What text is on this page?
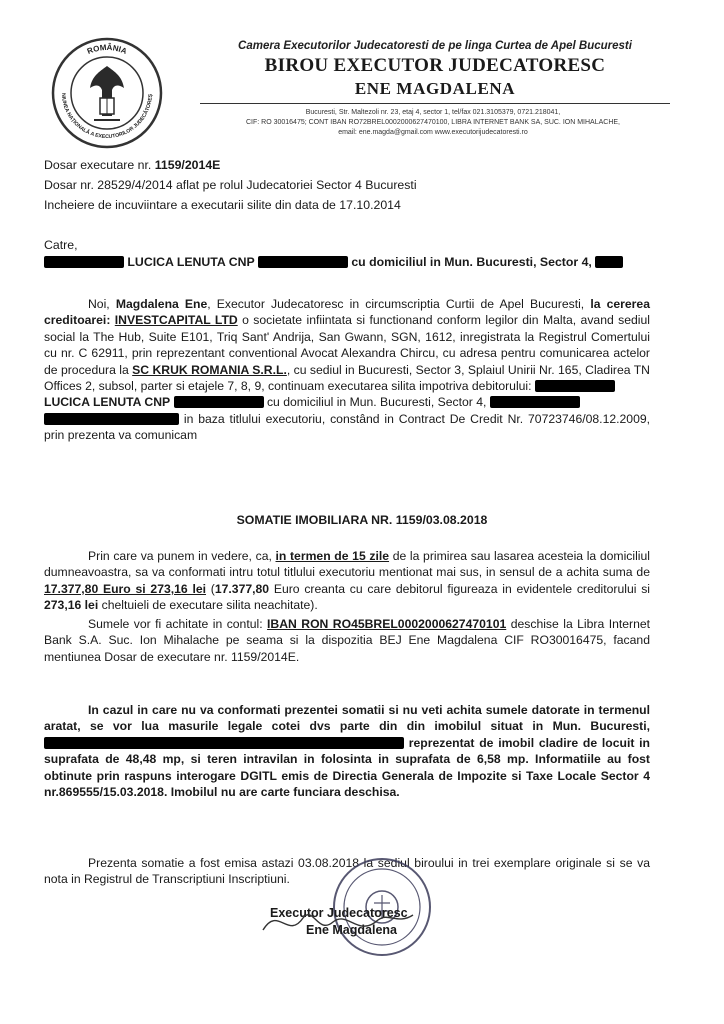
ROMÂNIA
NIUNEA NAȚIONALĂ A EXECUTORILOR JUDECĂTOREȘ
Camera Executorilor Judecatoresti de pe linga Curtea de Apel Bucuresti
BIROU EXECUTOR JUDECATORESC
ENE MAGDALENA
Bucuresti, Str. Maltezoli nr. 23, etaj 4, sector 1, tel/fax 021.3105379, 0721.218041,
CIF: RO 30016475; CONT IBAN RO72BREL0002000627470100, LIBRA INTERNET BANK SA, SUC. ION MIHALACHE,
email: ene.magda@gmail.com www.executorijudecatoresti.ro
Dosar executare nr. 1159/2014E
Dosar nr. 28529/4/2014 aflat pe rolul Judecatoriei Sector 4 Bucuresti
Incheiere de incuviintare a executarii silite din data de 17.10.2014
Catre,
LUCICA LENUTA CNP	cu domiciliul in Mun. Bucuresti, Sector 4,
Noi, Magdalena Ene, Executor Judecatoresc in circumscriptia Curtii de Apel Bucuresti, la cererea creditoarei: INVESTCAPITAL LTD o societate infiintata si functionand conform legilor din Malta, avand sediul social la The Hub, Suite E101, Triq Sant' Andrija, San Gwann, SGN, 1612, inregistrata la Registrul Comertului cu nr. C 62911, prin reprezentant conventional Avocat Alexandra Chircu, cu adresa pentru comunicarea actelor de procedura la SC KRUK ROMANIA S.R.L., cu sediul in Bucuresti, Sector 3, Splaiul Unirii Nr. 165, Cladirea TN Offices 2, subsol, parter si etajele 7, 8, 9, continuam executarea silita impotriva debitorului:
LUCICA LENUTA CNP	cu domiciliul in Mun. Bucuresti, Sector 4,
in baza titlului executoriu, constând in Contract De Credit Nr. 70723746/08.12.2009, prin prezenta va comunicam
SOMATIE IMOBILIARA NR. 1159/03.08.2018
Prin care va punem in vedere, ca, in termen de 15 zile de la primirea sau lasarea acesteia la domiciliul dumneavoastra, sa va conformati intru totul titlului executoriu mentionat mai sus, in sensul de a achita suma de 17.377,80 Euro si 273,16 lei (17.377,80 Euro creanta cu care debitorul figureaza in evidentele creditorului si 273,16 lei cheltuieli de executare silita neachitate).
Sumele vor fi achitate in contul: IBAN RON RO45BREL0002000627470101 deschise la Libra Internet Bank S.A. Suc. Ion Mihalache pe seama si la dispozitia BEJ Ene Magdalena CIF RO30016475, facand mentiunea Dosar de executare nr. 1159/2014E.
In cazul in care nu va conformati prezentei somatii si nu veti achita sumele datorate in termenul aratat, se vor lua masurile legale cotei dvs parte din din imobilul situat in Mun. Bucuresti,  reprezentat de imobil cladire de locuit in suprafata de 48,48 mp, si teren intravilan in folosinta in suprafata de 6,58 mp. Informatiile au fost obtinute prin raspuns interogare DGITL emis de Directia Generala de Impozite si Taxe Locale Sector 4 nr.869555/15.03.2018. Imobilul nu are carte funciara deschisa.
Prezenta somatie a fost emisa astazi 03.08.2018 la sediul biroului in trei exemplare originale si se va nota in Registrul de Transcriptiuni Inscriptiuni.
Executor Judecatoresc
Ene Magdalena
